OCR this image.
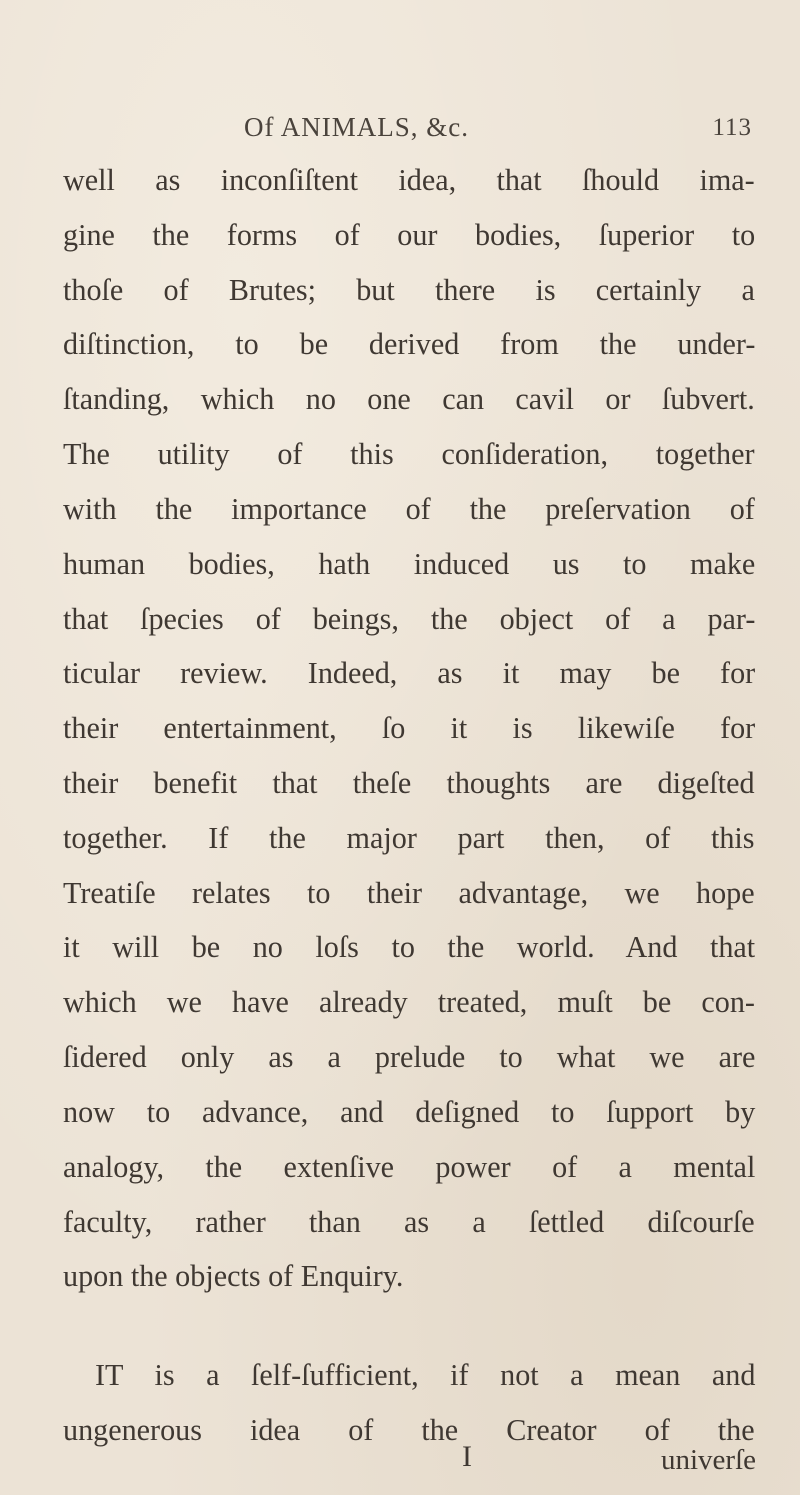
Of ANIMALS, &c.	113
well as inconſiſtent idea, that ſhould ima-
gine the forms of our bodies, ſuperior to
thoſe of Brutes; but there is certainly a
diſtinction, to be derived from the under-
ſtanding, which no one can cavil or ſubvert.
The utility of this conſideration, together
with the importance of the preſervation of
human bodies, hath induced us to make
that ſpecies of beings, the object of a par-
ticular review. Indeed, as it may be for
their entertainment, ſo it is likewiſe for
their benefit that theſe thoughts are digeſted
together. If the major part then, of this
Treatiſe relates to their advantage, we hope
it will be no loſs to the world. And that
which we have already treated, muſt be con-
ſidered only as a prelude to what we are
now to advance, and deſigned to ſupport by
analogy, the extenſive power of a mental
faculty, rather than as a ſettled diſcourſe
upon the objects of Enquiry.
IT is a ſelf-ſufficient, if not a mean and
ungenerous idea of the Creator of the
I	univerſe
